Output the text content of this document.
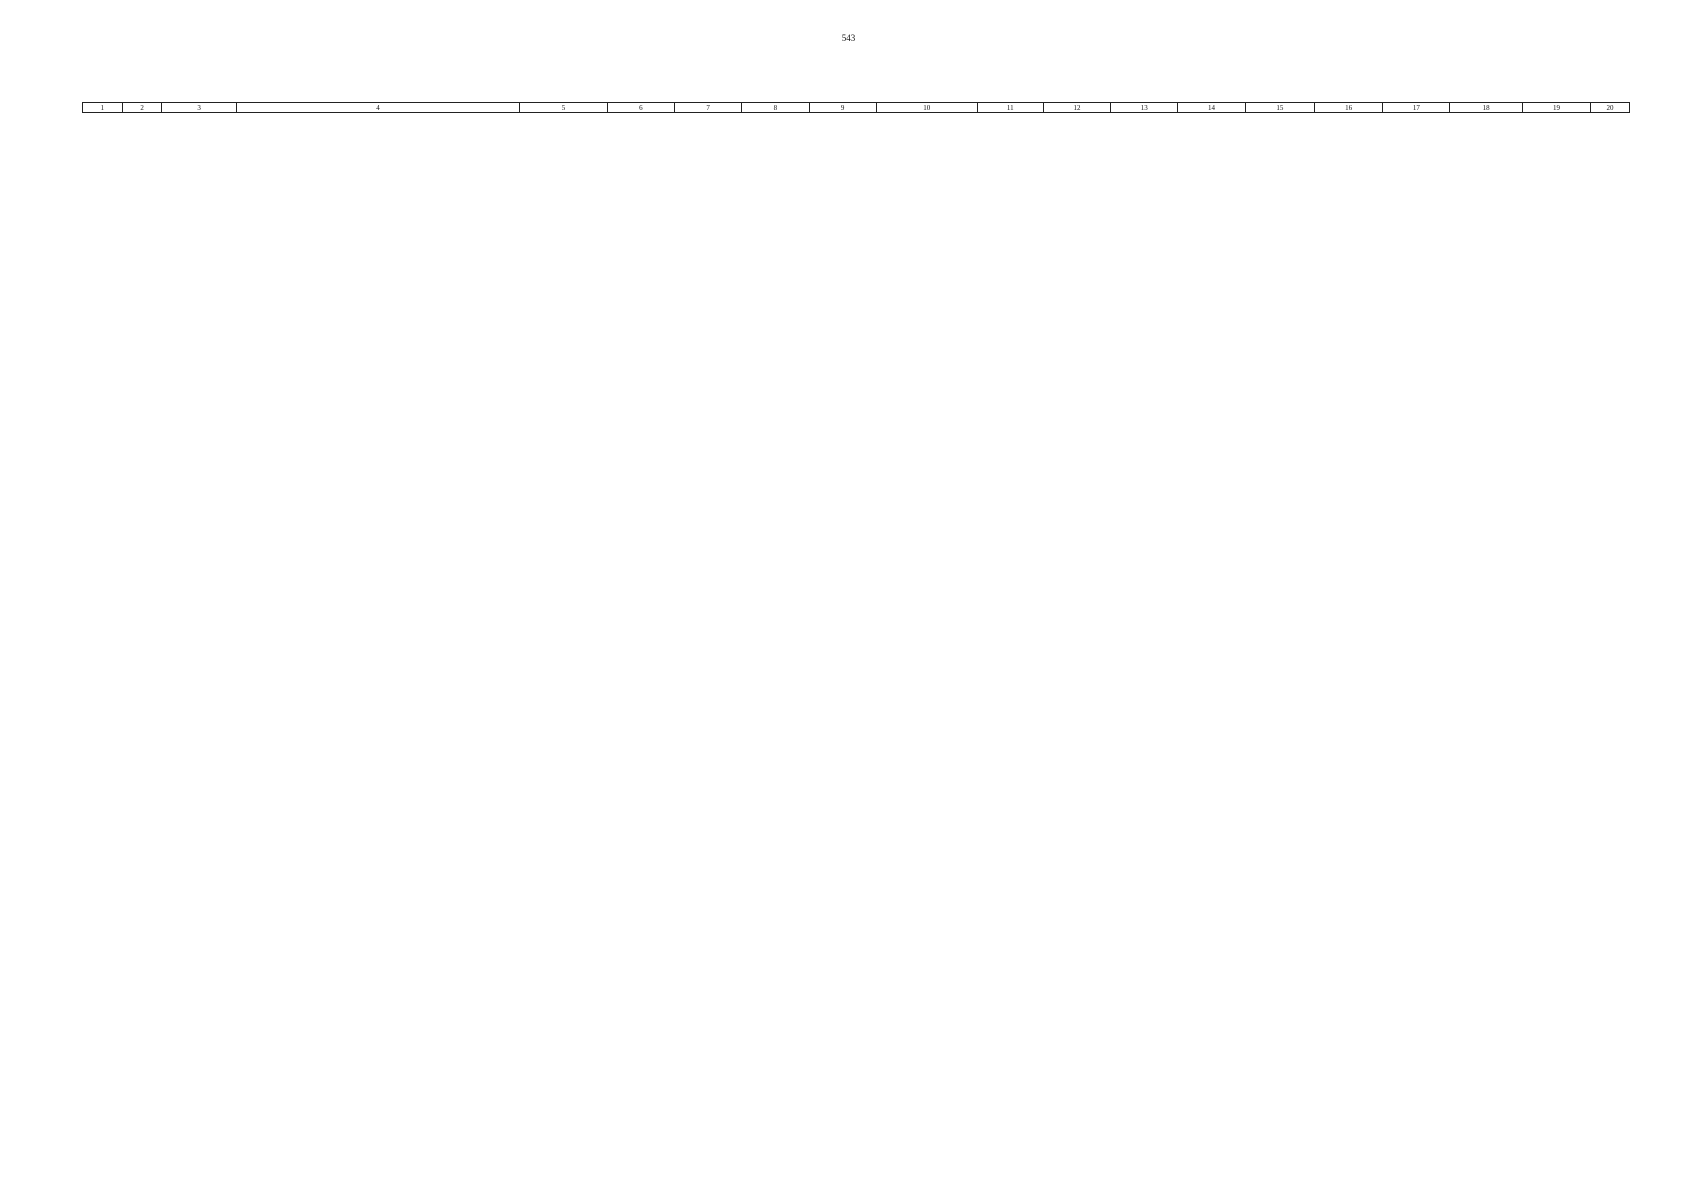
543
1	2	3	4	5	6	7	8	9	10	11	12	13	14	15	16	17	18	19	20
